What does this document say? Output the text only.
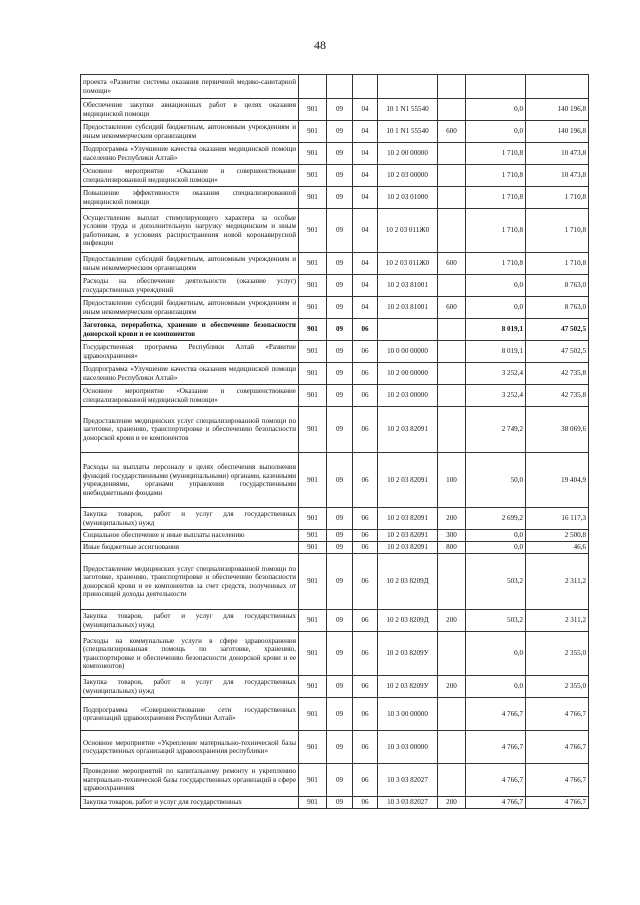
48
проекта «Развитие системы оказания первичной медико-санитарной помощи»							
Обеспечение закупки авиационных работ в целях оказания медицинской помощи	901	09	04	10 1 N1 55540		0,0	140 196,8
Предоставление субсидий бюджетным, автономным учреждениям и иным некоммерческим организациям	901	09	04	10 1 N1 55540	600	0,0	140 196,8
Подпрограмма «Улучшение качества оказания медицинской помощи населению Республики Алтай»	901	09	04	10 2 00 00000		1 710,8	10 473,8
Основное мероприятие «Оказание и совершенствование специализированной медицинской помощи»	901	09	04	10 2 03 00000		1 710,8	10 473,8
Повышение эффективности оказания специализированной медицинской помощи	901	09	04	10 2 03 01000		1 710,8	1 710,8
Осуществление выплат стимулирующего характера за особые условия труда и дополнительную нагрузку медицинским и иным работникам, в условиях распространения новой коронавирусной инфекции	901	09	04	10 2 03 011Ж0		1 710,8	1 710,8
Предоставление субсидий бюджетным, автономным учреждениям и иным некоммерческим организациям	901	09	04	10 2 03 011Ж0	600	1 710,8	1 710,8
Расходы на обеспечение деятельности (оказание услуг) государственных учреждений	901	09	04	10 2 03 81001		0,0	8 763,0
Предоставление субсидий бюджетным, автономным учреждениям и иным некоммерческим организациям	901	09	04	10 2 03 81001	600	0,0	8 763,0
Заготовка, переработка, хранение и обеспечение безопасности донорской крови и ее компонентов	901	09	06			8 019,1	47 502,5
Государственная программа Республики Алтай «Развитие здравоохранения»	901	09	06	10 0 00 00000		8 019,1	47 502,5
Подпрограмма «Улучшение качества оказания медицинской помощи населению Республики Алтай»	901	09	06	10 2 00 00000		3 252,4	42 735,8
Основное мероприятие «Оказание и совершенствование специализированной медицинской помощи»	901	09	06	10 2 03 00000		3 252,4	42 735,8
Предоставление медицинских услуг специализированной помощи по заготовке, хранению, транспортировке и обеспечению безопасности донорской крови и ее компонентов	901	09	06	10 2 03 82091		2 749,2	38 069,6
Расходы на выплаты персоналу в целях обеспечения выполнения функций государственными (муниципальными) органами, казенными учреждениями, органами управления государственными внебюджетными фондами	901	09	06	10 2 03 82091	100	50,0	19 404,9
Закупка товаров, работ и услуг для государственных (муниципальных) нужд	901	09	06	10 2 03 82091	200	2 699,2	16 117,3
Социальное обеспечение и иные выплаты населению	901	09	06	10 2 03 82091	300	0,0	2 500,8
Иные бюджетные ассигнования	901	09	06	10 2 03 82091	800	0,0	46,6
Предоставление медицинских услуг специализированной помощи по заготовке, хранению, транспортировке и обеспечению безопасности донорской крови и ее компонентов за счет средств, полученных от приносящей доходы деятельности	901	09	06	10 2 03 8209Д		503,2	2 311,2
Закупка товаров, работ и услуг для государственных (муниципальных) нужд	901	09	06	10 2 03 8209Д	200	503,2	2 311,2
Расходы на коммунальные услуги в сфере здравоохранения (специализированная помощь по заготовке, хранению, транспортировке и обеспечению безопасности донорской крови и ее компонентов)	901	09	06	10 2 03 8209У		0,0	2 355,0
Закупка товаров, работ и услуг для государственных (муниципальных) нужд	901	09	06	10 2 03 8209У	200	0,0	2 355,0
Подпрограмма «Совершенствование сети государственных организаций здравоохранения Республики Алтай»	901	09	06	10 3 00 00000		4 766,7	4 766,7
Основное мероприятие «Укрепление материально-технической базы государственных организаций здравоохранения республики»	901	09	06	10 3 03 00000		4 766,7	4 766,7
Проведение мероприятий по капитальному ремонту и укреплению материально-технической базы государственных организаций в сфере здравоохранения	901	09	06	10 3 03 82027		4 766,7	4 766,7
Закупка товаров, работ и услуг для государственных	901	09	06	10 3 03 82027	200	4 766,7	4 766,7
